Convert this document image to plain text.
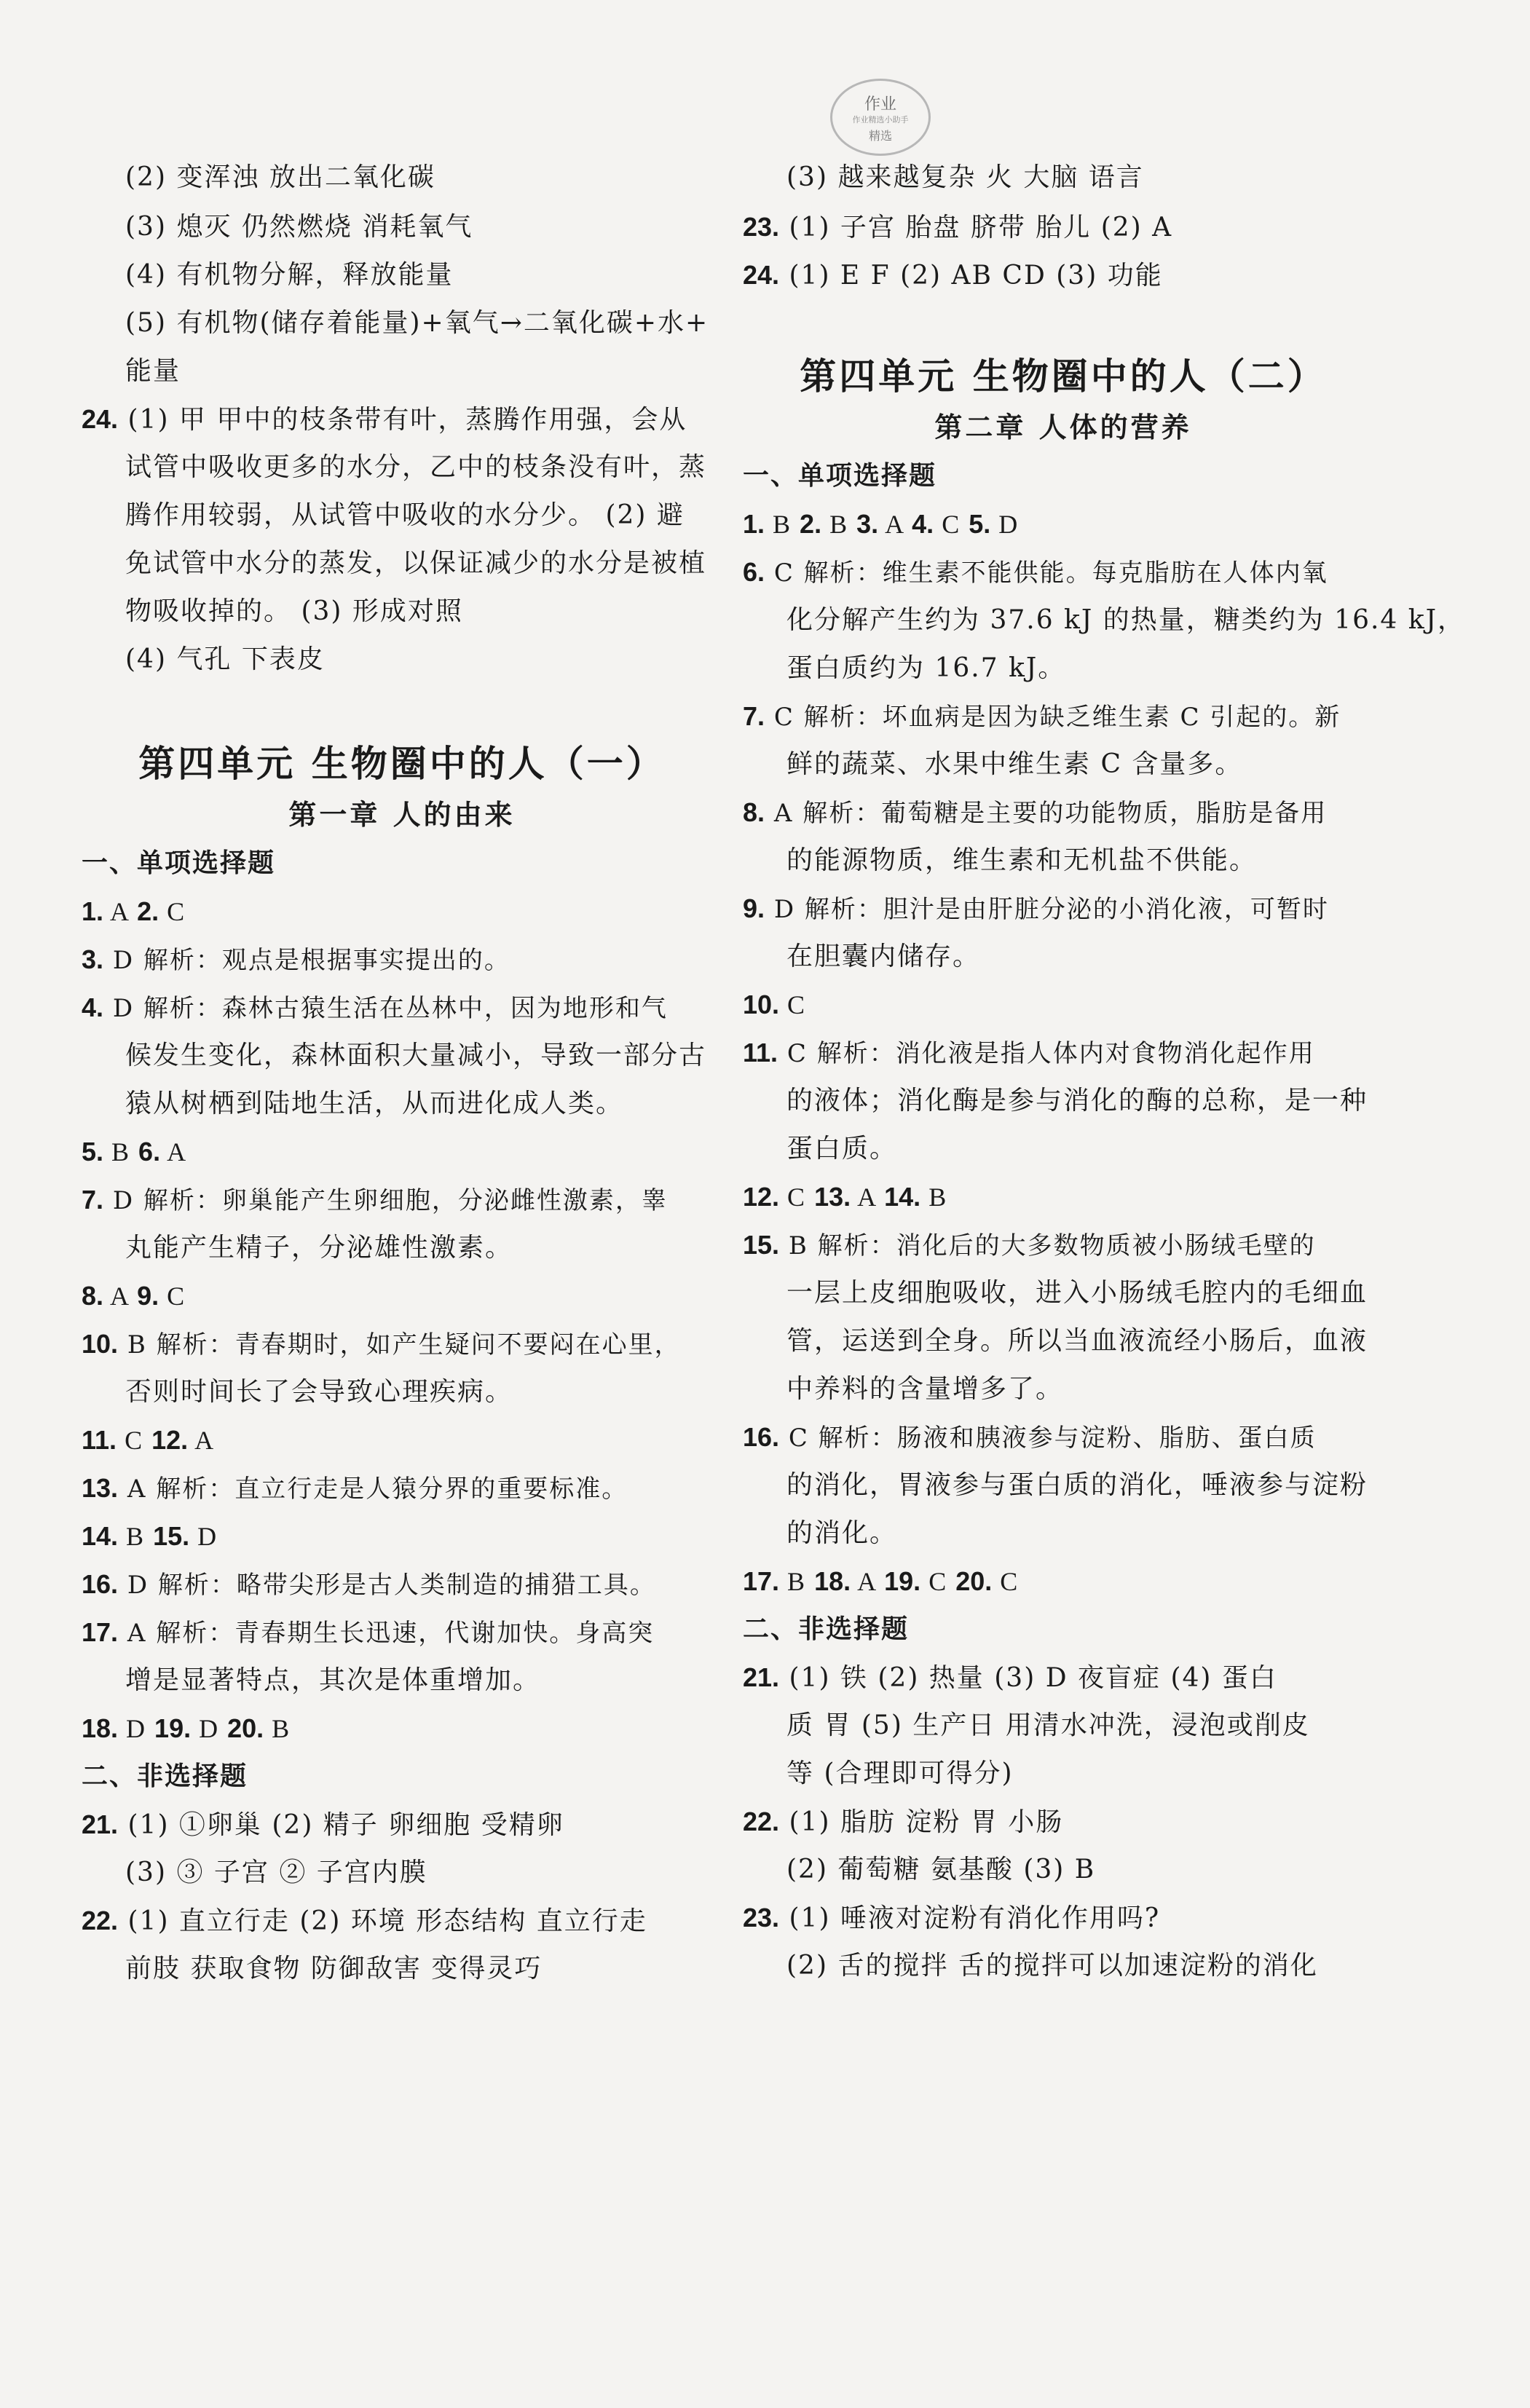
作业
作业精选小助手
精选
(2) 变浑浊 放出二氧化碳
(3) 熄灭 仍然燃烧 消耗氧气
(4) 有机物分解，释放能量
(5) 有机物(储存着能量)+氧气→二氧化碳+水+
能量
24. (1) 甲 甲中的枝条带有叶，蒸腾作用强，会从
试管中吸收更多的水分，乙中的枝条没有叶，蒸
腾作用较弱，从试管中吸收的水分少。 (2) 避
免试管中水分的蒸发，以保证减少的水分是被植
物吸收掉的。 (3) 形成对照
(4) 气孔 下表皮
第四单元 生物圈中的人（一）
第一章 人的由来
一、单项选择题
1. A 2. C
3. D 解析：观点是根据事实提出的。
4. D 解析：森林古猿生活在丛林中，因为地形和气
候发生变化，森林面积大量减小，导致一部分古
猿从树栖到陆地生活，从而进化成人类。
5. B 6. A
7. D 解析：卵巢能产生卵细胞，分泌雌性激素，睾
丸能产生精子，分泌雄性激素。
8. A 9. C
10. B 解析：青春期时，如产生疑问不要闷在心里，
否则时间长了会导致心理疾病。
11. C 12. A
13. A 解析：直立行走是人猿分界的重要标准。
14. B 15. D
16. D 解析：略带尖形是古人类制造的捕猎工具。
17. A 解析：青春期生长迅速，代谢加快。身高突
增是显著特点，其次是体重增加。
18. D 19. D 20. B
二、非选择题
21. (1) ①卵巢 (2) 精子 卵细胞 受精卵
(3) ③ 子宫 ② 子宫内膜
22. (1) 直立行走 (2) 环境 形态结构 直立行走
前肢 获取食物 防御敌害 变得灵巧
(3) 越来越复杂 火 大脑 语言
23. (1) 子宫 胎盘 脐带 胎儿 (2) A
24. (1) E F (2) AB CD (3) 功能
第四单元 生物圈中的人（二）
第二章 人体的营养
一、单项选择题
1. B 2. B 3. A 4. C 5. D
6. C 解析：维生素不能供能。每克脂肪在人体内氧
化分解产生约为 37.6 kJ 的热量，糖类约为 16.4 kJ，
蛋白质约为 16.7 kJ。
7. C 解析：坏血病是因为缺乏维生素 C 引起的。新
鲜的蔬菜、水果中维生素 C 含量多。
8. A 解析：葡萄糖是主要的功能物质，脂肪是备用
的能源物质，维生素和无机盐不供能。
9. D 解析：胆汁是由肝脏分泌的小消化液，可暂时
在胆囊内储存。
10. C
11. C 解析：消化液是指人体内对食物消化起作用
的液体；消化酶是参与消化的酶的总称，是一种
蛋白质。
12. C 13. A 14. B
15. B 解析：消化后的大多数物质被小肠绒毛壁的
一层上皮细胞吸收，进入小肠绒毛腔内的毛细血
管，运送到全身。所以当血液流经小肠后，血液
中养料的含量增多了。
16. C 解析：肠液和胰液参与淀粉、脂肪、蛋白质
的消化，胃液参与蛋白质的消化，唾液参与淀粉
的消化。
17. B 18. A 19. C 20. C
二、非选择题
21. (1) 铁 (2) 热量 (3) D 夜盲症 (4) 蛋白
质 胃 (5) 生产日 用清水冲洗，浸泡或削皮
等 (合理即可得分)
22. (1) 脂肪 淀粉 胃 小肠
(2) 葡萄糖 氨基酸 (3) B
23. (1) 唾液对淀粉有消化作用吗?
(2) 舌的搅拌 舌的搅拌可以加速淀粉的消化
